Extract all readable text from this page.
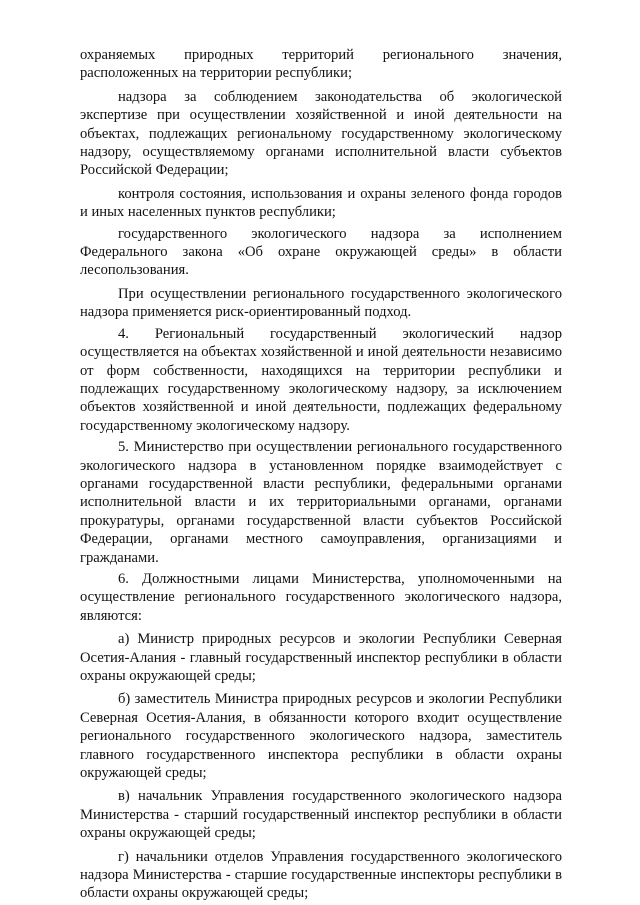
охраняемых природных территорий регионального значения, расположенных на территории республики;

надзора за соблюдением законодательства об экологической экспертизе при осуществлении хозяйственной и иной деятельности на объектах, подлежащих региональному государственному экологическому надзору, осуществляемому органами исполнительной власти субъектов Российской Федерации;

контроля состояния, использования и охраны зеленого фонда городов и иных населенных пунктов республики;

государственного экологического надзора за исполнением Федерального закона «Об охране окружающей среды» в области лесопользования.

При осуществлении регионального государственного экологического надзора применяется риск-ориентированный подход.

4. Региональный государственный экологический надзор осуществляется на объектах хозяйственной и иной деятельности независимо от форм собственности, находящихся на территории республики и подлежащих государственному экологическому надзору, за исключением объектов хозяйственной и иной деятельности, подлежащих федеральному государственному экологическому надзору.

5. Министерство при осуществлении регионального государственного экологического надзора в установленном порядке взаимодействует с органами государственной власти республики, федеральными органами исполнительной власти и их территориальными органами, органами прокуратуры, органами государственной власти субъектов Российской Федерации, органами местного самоуправления, организациями и гражданами.

6. Должностными лицами Министерства, уполномоченными на осуществление регионального государственного экологического надзора, являются:

а) Министр природных ресурсов и экологии Республики Северная Осетия-Алания - главный государственный инспектор республики в области охраны окружающей среды;

б) заместитель Министра природных ресурсов и экологии Республики Северная Осетия-Алания, в обязанности которого входит осуществление регионального государственного экологического надзора, заместитель главного государственного инспектора республики в области охраны окружающей среды;

в) начальник Управления государственного экологического надзора Министерства - старший государственный инспектор республики в области охраны окружающей среды;

г) начальники отделов Управления государственного экологического надзора Министерства - старшие государственные инспекторы республики в области охраны окружающей среды;
